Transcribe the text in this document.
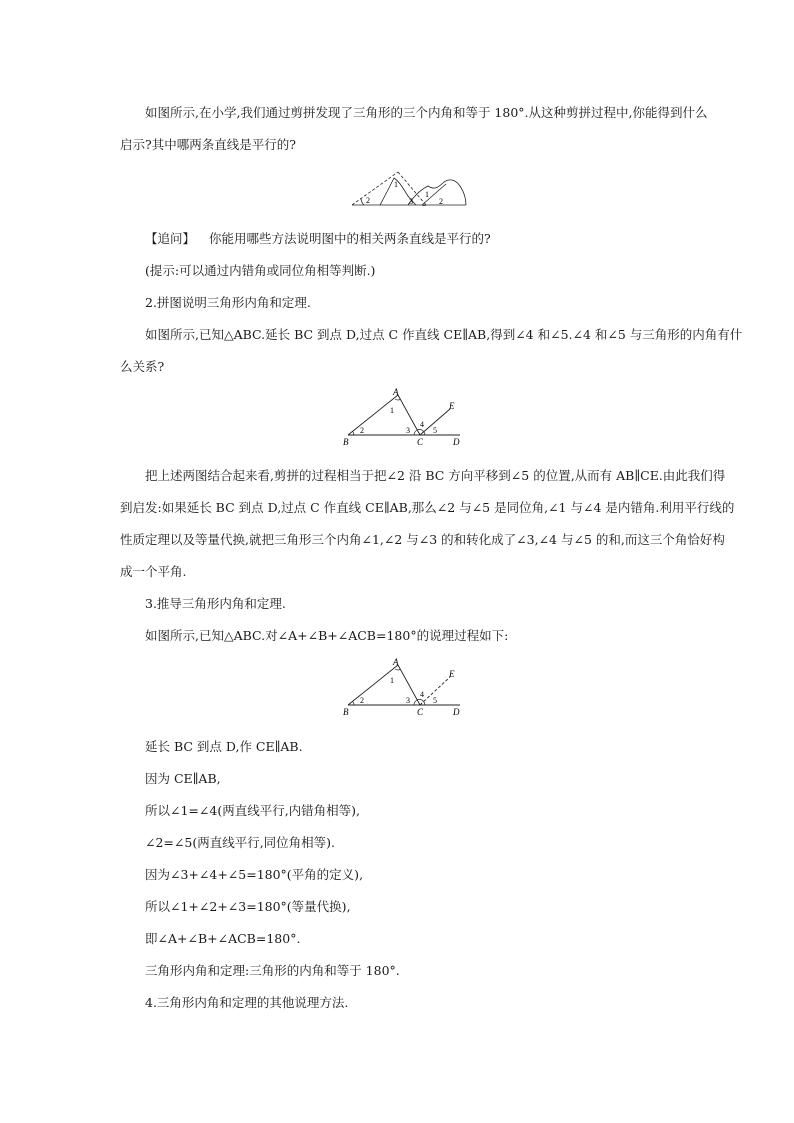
如图所示,在小学,我们通过剪拼发现了三角形的三个内角和等于 180°.从这种剪拼过程中,你能得到什么
启示?其中哪两条直线是平行的?
1
2	3
1
2
【追问】 你能用哪些方法说明图中的相关两条直线是平行的?
(提示:可以通过内错角或同位角相等判断.)
2.拼图说明三角形内角和定理.
如图所示,已知△ABC.延长 BC 到点 D,过点 C 作直线 CE∥AB,得到∠4 和∠5.∠4 和∠5 与三角形的内角有什
么关系?
A
B	C	D
E
1
2	3
4
5
把上述两图结合起来看,剪拼的过程相当于把∠2 沿 BC 方向平移到∠5 的位置,从而有 AB∥CE.由此我们得
到启发:如果延长 BC 到点 D,过点 C 作直线 CE∥AB,那么∠2 与∠5 是同位角,∠1 与∠4 是内错角.利用平行线的
性质定理以及等量代换,就把三角形三个内角∠1,∠2 与∠3 的和转化成了∠3,∠4 与∠5 的和,而这三个角恰好构
成一个平角.
3.推导三角形内角和定理.
如图所示,已知△ABC.对∠A+∠B+∠ACB=180°的说理过程如下:
A
B	C	D
E
1
2	3
4
5
延长 BC 到点 D,作 CE∥AB.
因为 CE∥AB,
所以∠1=∠4(两直线平行,内错角相等),
∠2=∠5(两直线平行,同位角相等).
因为∠3+∠4+∠5=180°(平角的定义),
所以∠1+∠2+∠3=180°(等量代换),
即∠A+∠B+∠ACB=180°.
三角形内角和定理:三角形的内角和等于 180°.
4.三角形内角和定理的其他说理方法.
